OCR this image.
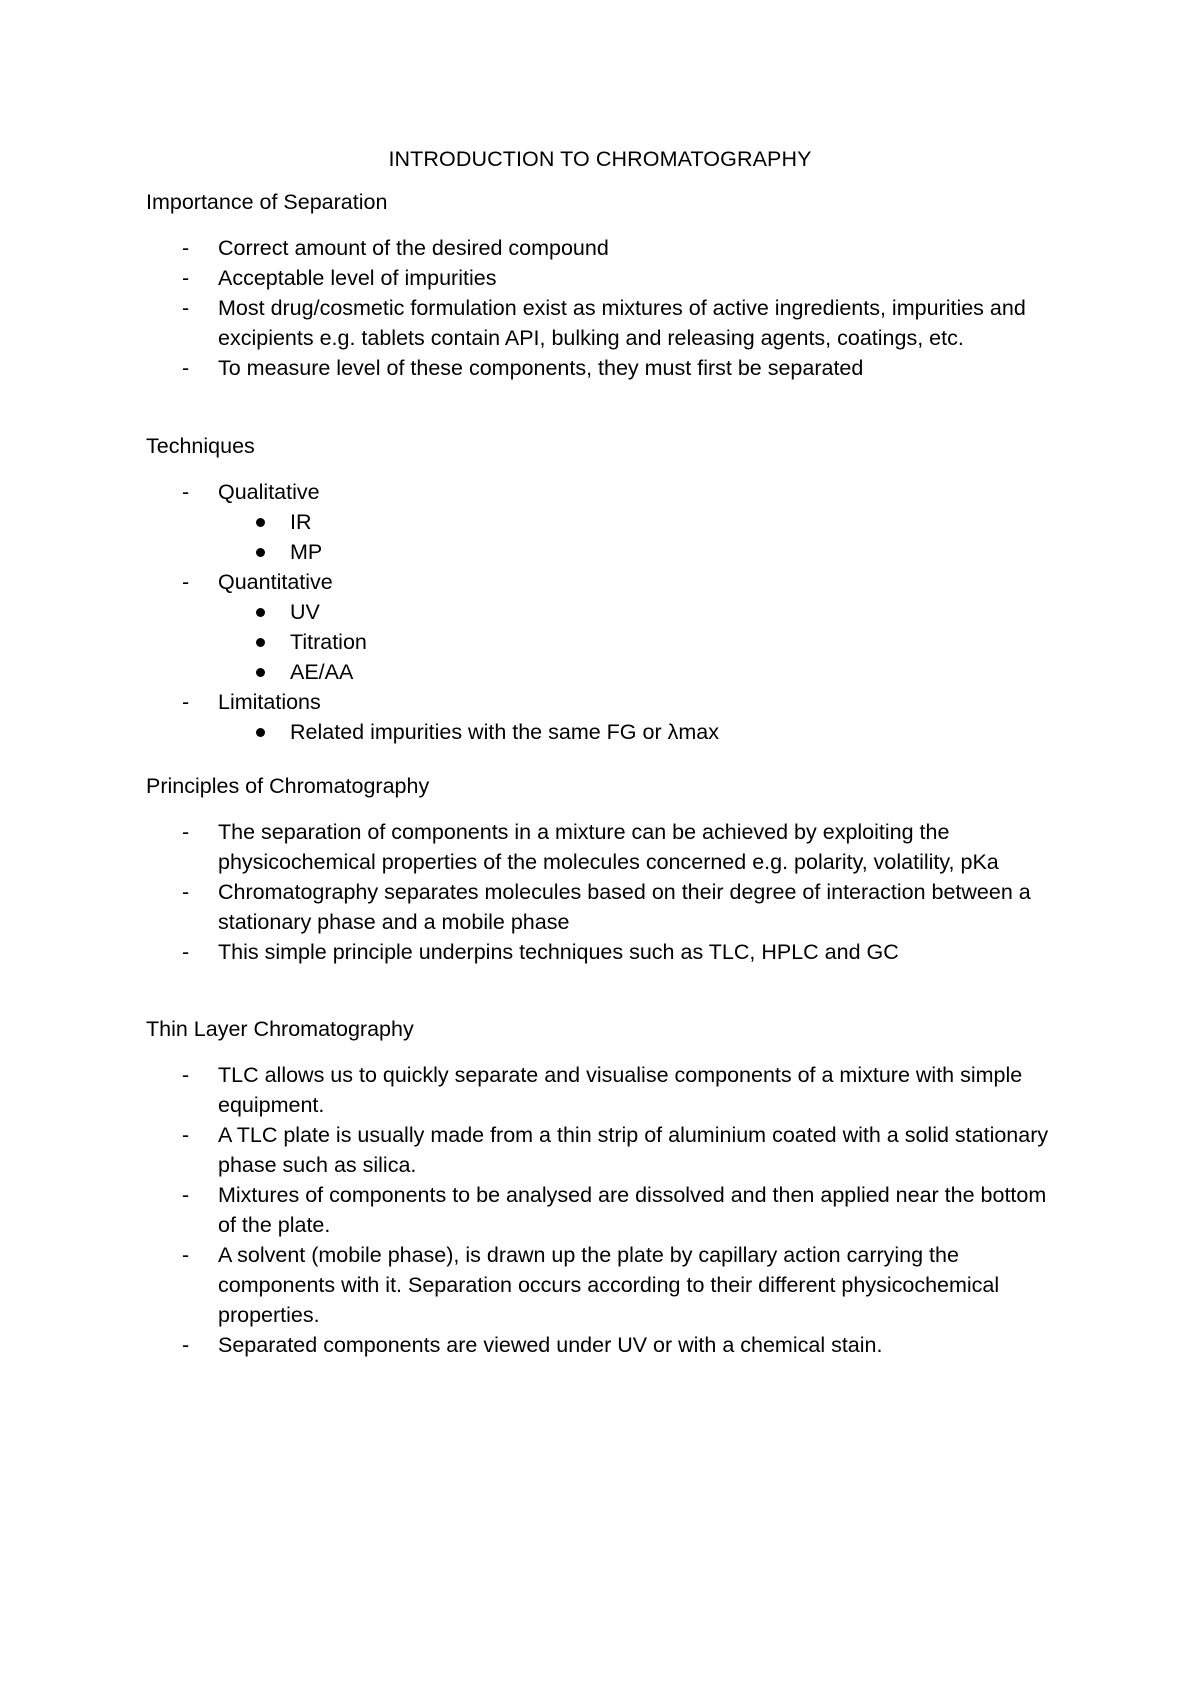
INTRODUCTION TO CHROMATOGRAPHY
Importance of Separation
- Correct amount of the desired compound
- Acceptable level of impurities
- Most drug/cosmetic formulation exist as mixtures of active ingredients, impurities and excipients e.g. tablets contain API, bulking and releasing agents, coatings, etc.
- To measure level of these components, they must first be separated
Techniques
- Qualitative
IR
MP
- Quantitative
UV
Titration
AE/AA
- Limitations
Related impurities with the same FG or λmax
Principles of Chromatography
- The separation of components in a mixture can be achieved by exploiting the physicochemical properties of the molecules concerned e.g. polarity, volatility, pKa
- Chromatography separates molecules based on their degree of interaction between a stationary phase and a mobile phase
- This simple principle underpins techniques such as TLC, HPLC and GC
Thin Layer Chromatography
- TLC allows us to quickly separate and visualise components of a mixture with simple equipment.
- A TLC plate is usually made from a thin strip of aluminium coated with a solid stationary phase such as silica.
- Mixtures of components to be analysed are dissolved and then applied near the bottom of the plate.
- A solvent (mobile phase), is drawn up the plate by capillary action carrying the components with it. Separation occurs according to their different physicochemical properties.
- Separated components are viewed under UV or with a chemical stain.
